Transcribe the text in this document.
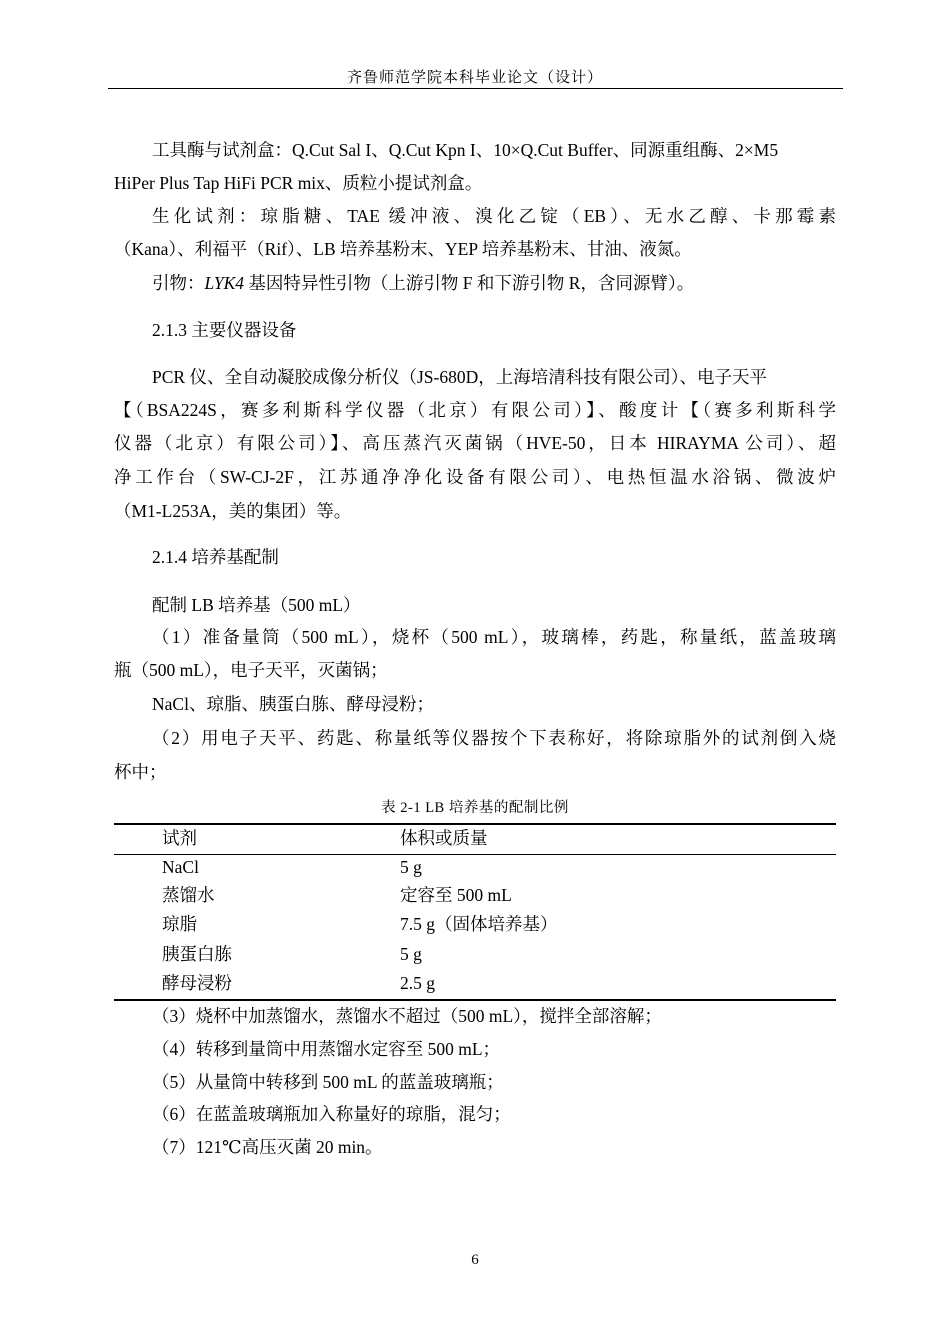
齐鲁师范学院本科毕业论文（设计）
工具酶与试剂盒：Q.Cut Sal I、Q.Cut Kpn I、10×Q.Cut Buffer、同源重组酶、2×M5
HiPer Plus Tap HiFi PCR mix、质粒小提试剂盒。
生化试剂：琼脂糖、TAE 缓冲液、溴化乙锭（EB）、无水乙醇、卡那霉素
（Kana）、利福平（Rif）、LB 培养基粉末、YEP 培养基粉末、甘油、液氮。
引物：LYK4 基因特异性引物（上游引物 F 和下游引物 R，含同源臂）。
2.1.3 主要仪器设备
PCR 仪、全自动凝胶成像分析仪（JS-680D，上海培清科技有限公司）、电子天平
【（BSA224S，赛多利斯科学仪器（北京）有限公司）】、酸度计【（赛多利斯科学
仪器（北京）有限公司）】、高压蒸汽灭菌锅（HVE-50，日本 HIRAYMA 公司）、超
净工作台（SW-CJ-2F，江苏通净净化设备有限公司）、电热恒温水浴锅、微波炉
（M1-L253A，美的集团）等。
2.1.4 培养基配制
配制 LB 培养基（500 mL）
（1）准备量筒（500 mL），烧杯（500 mL），玻璃棒，药匙，称量纸，蓝盖玻璃
瓶（500 mL），电子天平，灭菌锅；
NaCl、琼脂、胰蛋白胨、酵母浸粉；
（2）用电子天平、药匙、称量纸等仪器按个下表称好，将除琼脂外的试剂倒入烧
杯中；
表 2-1 LB 培养基的配制比例
试剂	体积或质量
NaCl	5 g
蒸馏水	定容至 500 mL
琼脂	7.5 g（固体培养基）
胰蛋白胨	5 g
酵母浸粉	2.5 g
（3）烧杯中加蒸馏水，蒸馏水不超过（500 mL），搅拌全部溶解；
（4）转移到量筒中用蒸馏水定容至 500 mL；
（5）从量筒中转移到 500 mL 的蓝盖玻璃瓶；
（6）在蓝盖玻璃瓶加入称量好的琼脂，混匀；
（7）121℃高压灭菌 20 min。
6
